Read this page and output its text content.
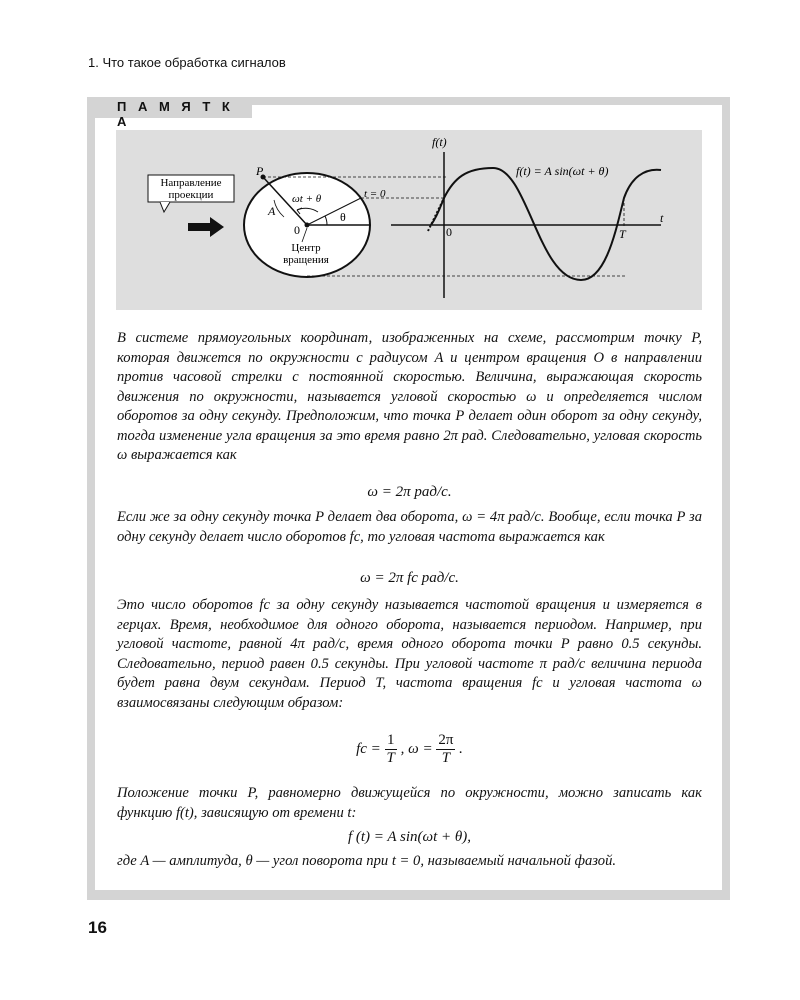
1. Что такое обработка сигналов
П А М Я Т К А
Направление
проекции
P
A
0
ωt + θ
θ
t = 0
Центр
вращения
f(t)
t
0	T
f(t) = A sin(ωt + θ)

В системе прямоугольных координат, изображенных на схеме, рассмотрим точку P, которая движется по окружности с радиусом A и центром вращения O в направлении против часовой стрелки с постоянной скоростью. Величина, выражающая скорость движения по окружности, называется угловой скоростью ω и определяется числом оборотов за одну секунду. Предположим, что точка P делает один оборот за одну секунду, тогда изменение угла вращения за это время равно 2π рад. Следовательно, угловая скорость ω выражается как

ω = 2π рад/с.

Если же за одну секунду точка P делает два оборота, ω = 4π рад/с. Вообще, если точка P за одну секунду делает число оборотов fc, то угловая частота выражается как

ω = 2π fc рад/с.

Это число оборотов fc за одну секунду называется частотой вращения и измеряется в герцах. Время, необходимое для одного оборота, называется периодом. Например, при угловой частоте, равной 4π рад/с, время одного оборота точки P равно 0.5 секунды. Следовательно, период равен 0.5 секунды. При угловой частоте π рад/с величина периода будет равна двум секундам. Период T, частота вращения fc и угловая частота ω взаимосвязаны следующим образом:

fc = $\frac{1}{T}$ , $\omega = \frac{2\pi}{T}$ .

Положение точки P, равномерно движущейся по окружности, можно записать как функцию f(t), зависящую от времени t:

f (t) = A sin(ωt + θ),

где A — амплитуда, θ — угол поворота при t = 0, называемый начальной фазой.

16
